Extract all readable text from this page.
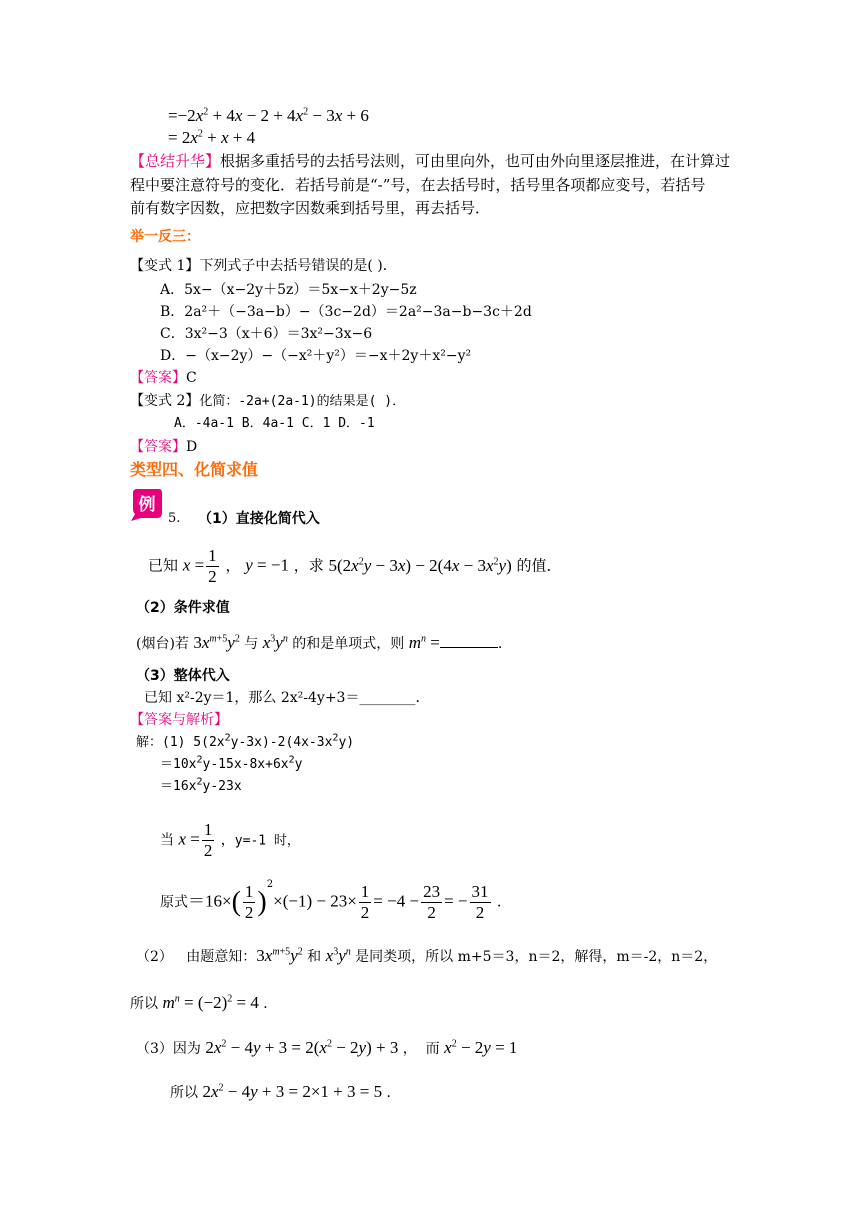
$=-2x^2 + 4x - 2 + 4x^2 - 3x + 6$
= $2x^2 + x + 4$
【总结升华】根据多重括号的去括号法则，可由里向外，也可由外向里逐层推进，在计算过
程中要注意符号的变化．若括号前是“-”号，在去括号时，括号里各项都应变号，若括号
前有数字因数，应把数字因数乘到括号里，再去括号．
举一反三：
【变式 1】下列式子中去括号错误的是( )．
A．5x−（x−2y＋5z）＝5x−x＋2y−5z
B．2a²＋（−3a−b）−（3c−2d）＝2a²−3a−b−3c＋2d
C．3x²−3（x＋6）＝3x²−3x−6
D．−（x−2y）−（−x²＋y²）＝−x＋2y＋x²−y²
【答案】C
【变式 2】化简：-2a+(2a-1)的结果是( )．
A．-4a-1 B．4a-1 C．1 D．-1
【答案】D
类型四、化简求值
例
5. （1）直接化简代入
已知 $x = \frac{1}{2}$ ， y = −1 ，求 $5(2x^2y - 3x) - 2(4x - 3x^2y)$ 的值．
（2）条件求值
(烟台)若 $3x^{m+5}y^2$ 与 $x^3y^n$ 的和是单项式，则 $m^n$ =	．
（3）整体代入
已知 x²-2y＝1，那么 2x²-4y+3＝________．
【答案与解析】
解：(1) $5(2x^2y-3x)-2(4x-3x^2y)$
$=10x^2y-15x-8x+6x^2y$
$=16x^2y-23x$
当 $x = \frac{1}{2}$ ，y=-1 时，
原式$=16\times( \frac{1}{2} )^2\times(-1) - 23\times \frac{1}{2} = -4 - \frac{23}{2}$ = − $\frac{31}{2}$ ．
（2）   由题意知：$3x^{m+5}y^2$ 和 $x^3y^n$ 是同类项，所以 m+5＝3，n＝2，解得，m＝-2，n＝2，
所以 $m^n = (-2)^2 = 4$ ．
（3）因为 $2x^2 - 4y + 3 = 2(x^2 - 2y) + 3$ ，  而 $x^2 - 2y = 1$
所以 $2x^2 - 4y + 3 = 2\times 1 + 3 = 5$ ．
